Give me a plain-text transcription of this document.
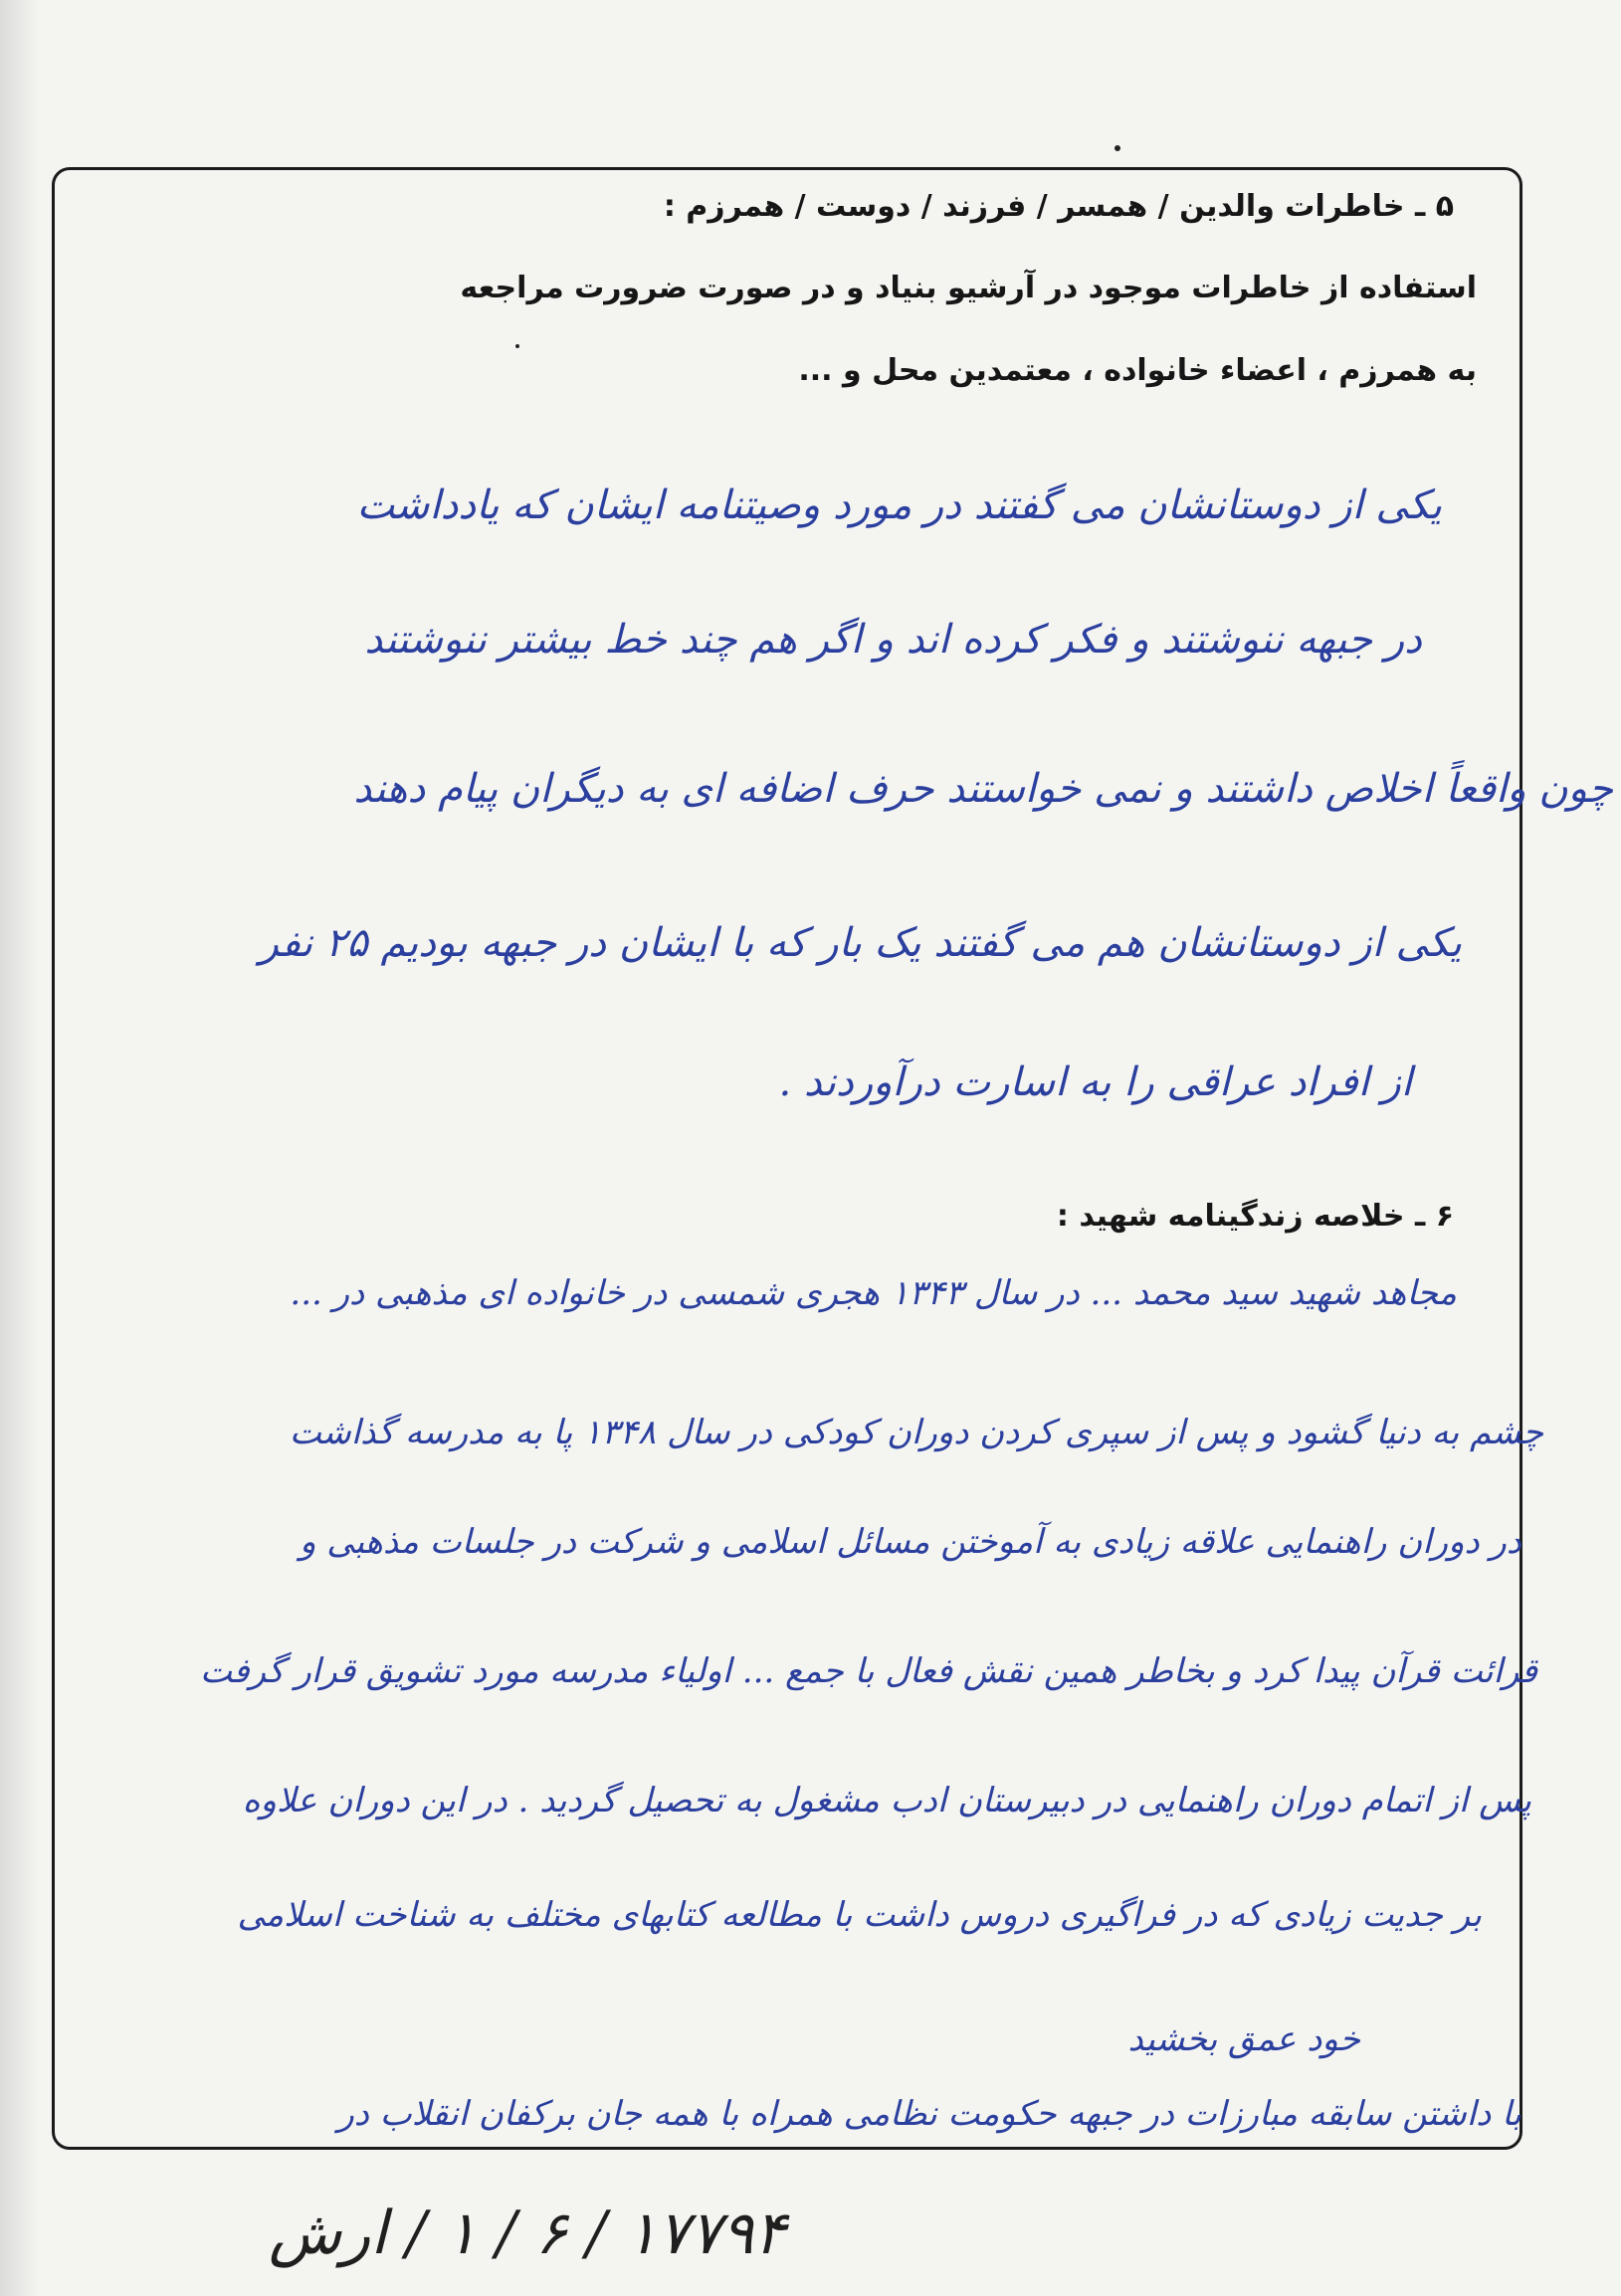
۵ ـ خاطرات والدین / همسر / فرزند / دوست / همرزم :
استفاده از خاطرات موجود در آرشیو بنیاد و در صورت ضرورت مراجعه
به همرزم ، اعضاء خانواده ، معتمدین محل و ...
یکی از دوستانشان می گفتند در مورد وصیتنامه ایشان که یادداشت
در جبهه ننوشتند و فکر کرده اند و اگر هم چند خط بیشتر ننوشتند
چون واقعاً اخلاص داشتند و نمی خواستند حرف اضافه ای به دیگران پیام دهند
یکی از دوستانشان هم می گفتند یک بار که با ایشان در جبهه بودیم ۲۵ نفر
از افراد عراقی را به اسارت درآوردند .
۶ ـ خلاصه زندگینامه شهید :
مجاهد شهید سید محمد ... در سال ۱۳۴۳ هجری شمسی در خانواده ای مذهبی در ...
چشم به دنیا گشود و پس از سپری کردن دوران کودکی در سال ۱۳۴۸ پا به مدرسه گذاشت
در دوران راهنمایی علاقه زیادی به آموختن مسائل اسلامی و شرکت در جلسات مذهبی و
قرائت قرآن پیدا کرد و بخاطر همین نقش فعال با جمع ... اولیاء مدرسه مورد تشویق قرار گرفت
پس از اتمام دوران راهنمایی در دبیرستان ادب مشغول به تحصیل گردید . در این دوران علاوه
بر جدیت زیادی که در فراگیری دروس داشت با مطالعه کتابهای مختلف به شناخت اسلامی
خود عمق بخشید
با داشتن سابقه مبارزات در جبهه حکومت نظامی همراه با همه جان برکفان انقلاب در
۱۷۷۹۴ / ۶ / ۱ / ارش
